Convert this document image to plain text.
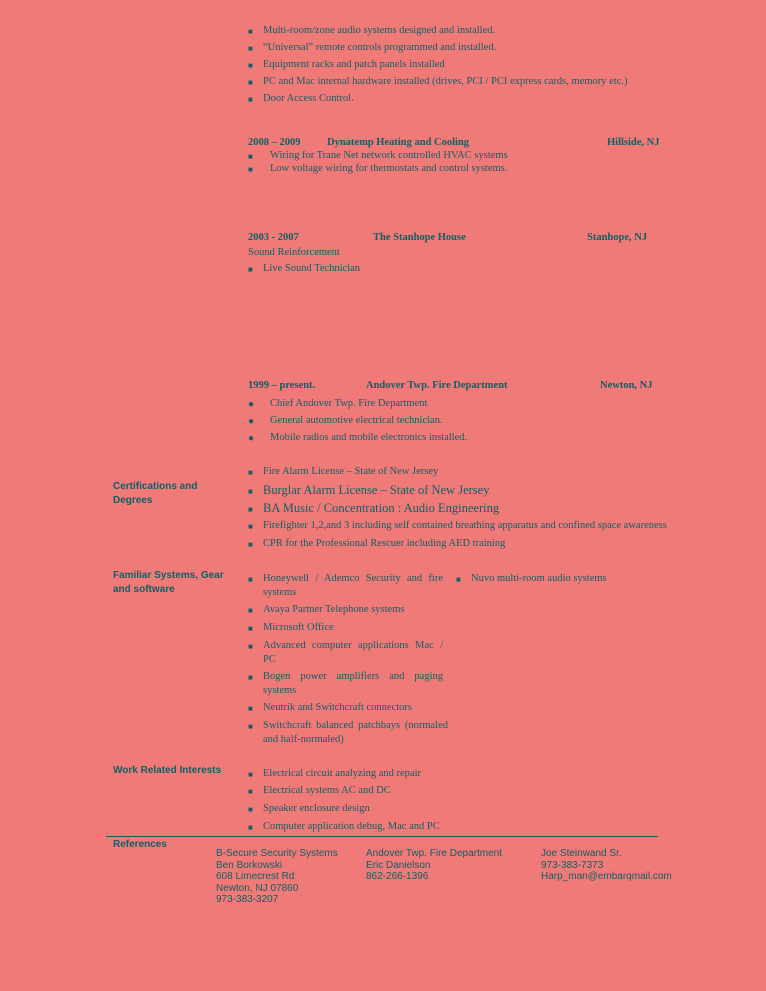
■ Multi-room/zone audio systems designed and installed.
■ “Universal” remote controls programmed and installed.
■ Equipment racks and patch panels installed
■ PC and Mac internal hardware installed (drives, PCI / PCI express cards, memory etc.)
■ Door Access Control.
2008 – 2009	Dynatemp Heating and Cooling	Hillside, NJ
■ Wiring for Trane Net network controlled HVAC systems
■ Low voltage wiring for thermostats and control systems.
2003 - 2007	The Stanhope House	Stanhope, NJ
Sound Reinforcement
■ Live Sound Technician
1999 – present.	Andover Twp. Fire Department	Newton, NJ
● Chief Andover Twp. Fire Department
● General automotive electrical technician.
● Mobile radios and mobile electronics installed.
Certifications and
Degrees
■ Fire Alarm License – State of New Jersey
■ Burglar Alarm License – State of New Jersey
■ BA Music / Concentration : Audio Engineering
■ Firefighter 1,2,and 3 including self contained breathing apparatus and confined space awareness
■ CPR for the Professional Rescuer including AED training
Familiar Systems, Gear
and software
■ Honeywell / Ademco Security and fire systems
■ Nuvo multi-room audio systems
■ Avaya Partner Telephone systems
■ Microsoft Office
■ Advanced computer applications Mac / PC
■ Bogen power amplifiers and paging systems
■ Neutrik and Switchcraft connectors
■ Switchcraft balanced patchbays (normaled and half-normaled)
Work Related Interests	■ Electrical circuit analyzing and repair
■ Electrical systems AC and DC
■ Speaker enclosure design
■ Computer application debug, Mac and PC
References
B-Secure Security Systems
Ben Borkowski
608 Limecrest Rd
Newton, NJ 07860
973-383-3207
Andover Twp. Fire Department
Eric Danielson
862-266-1396
Joe Steinwand Sr.
973-383-7373
Harp_man@embarqmail.com
